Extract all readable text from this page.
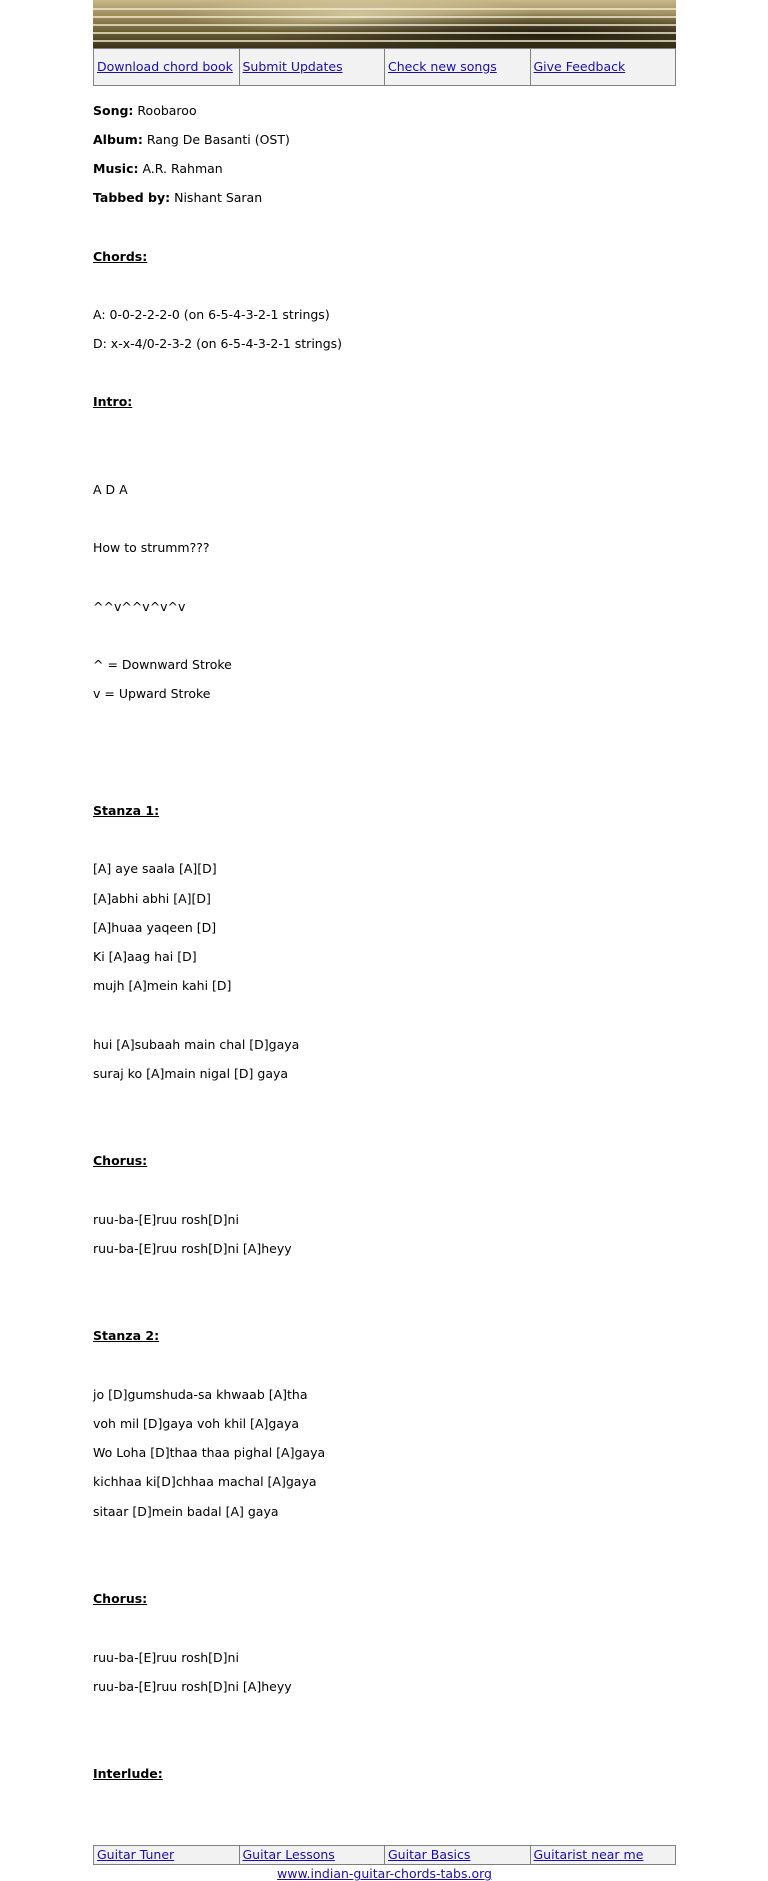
Download chord book	Submit Updates	Check new songs	Give Feedback

Song: Roobaroo

Album: Rang De Basanti (OST)

Music: A.R. Rahman

Tabbed by: Nishant Saran

Chords:

A: 0-0-2-2-2-0 (on 6-5-4-3-2-1 strings)

D: x-x-4/0-2-3-2 (on 6-5-4-3-2-1 strings)

Intro:

A D A

How to strumm???

^^v^^v^v^v

^ = Downward Stroke

v = Upward Stroke

Stanza 1:

[A] aye saala [A][D]

[A]abhi abhi [A][D]

[A]huaa yaqeen [D]

Ki [A]aag hai [D]

mujh [A]mein kahi [D]

hui [A]subaah main chal [D]gaya

suraj ko [A]main nigal [D] gaya

Chorus:

ruu-ba-[E]ruu rosh[D]ni

ruu-ba-[E]ruu rosh[D]ni [A]heyy

Stanza 2:

jo [D]gumshuda-sa khwaab [A]tha

voh mil [D]gaya voh khil [A]gaya

Wo Loha [D]thaa thaa pighal [A]gaya

kichhaa ki[D]chhaa machal [A]gaya

sitaar [D]mein badal [A] gaya

Chorus:

ruu-ba-[E]ruu rosh[D]ni

ruu-ba-[E]ruu rosh[D]ni [A]heyy

Interlude:

Guitar Tuner	Guitar Lessons	Guitar Basics	Guitarist near me
www.indian-guitar-chords-tabs.org
